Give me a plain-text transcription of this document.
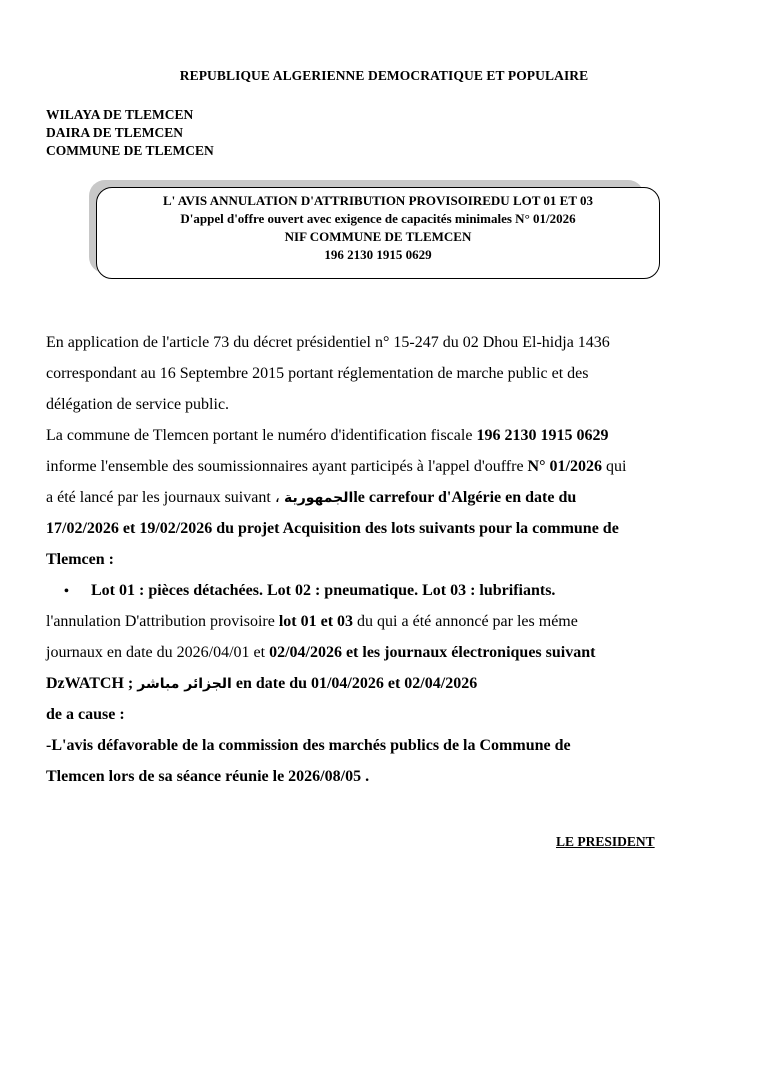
REPUBLIQUE ALGERIENNE DEMOCRATIQUE ET POPULAIRE
WILAYA DE TLEMCEN
DAIRA DE TLEMCEN
COMMUNE DE TLEMCEN
L' AVIS ANNULATION D'ATTRIBUTION PROVISOIREDU LOT 01 ET 03
D'appel d'offre ouvert avec exigence de capacités minimales N° 01/2026
NIF COMMUNE DE TLEMCEN
196 2130 1915 0629
En application de l'article 73 du décret présidentiel n° 15-247 du 02 Dhou El-hidja 1436
correspondant au 16 Septembre 2015 portant réglementation de marche public et des
délégation de service public.
La commune de Tlemcen portant le numéro d'identification fiscale 196 2130 1915 0629
informe l'ensemble des soumissionnaires ayant participés à l'appel d'ouffre N° 01/2026 qui
a été lancé par les journaux suivant ، الجمهوريةle carrefour d'Algérie en date du
17/02/2026 et 19/02/2026 du projet Acquisition des lots suivants pour la commune de
Tlemcen :
• Lot 01 : pièces détachées. Lot 02 : pneumatique. Lot 03 : lubrifiants.
l'annulation D'attribution provisoire lot 01 et 03 du qui a été annoncé par les méme
journaux en date du 2026/04/01 et 02/04/2026 et les journaux électroniques suivant
DzWATCH ; الجزائر مباشر en date du 01/04/2026 et 02/04/2026
de a cause :
-L'avis défavorable de la commission des marchés publics de la Commune de
Tlemcen lors de sa séance réunie le 2026/08/05 .
LE PRESIDENT
